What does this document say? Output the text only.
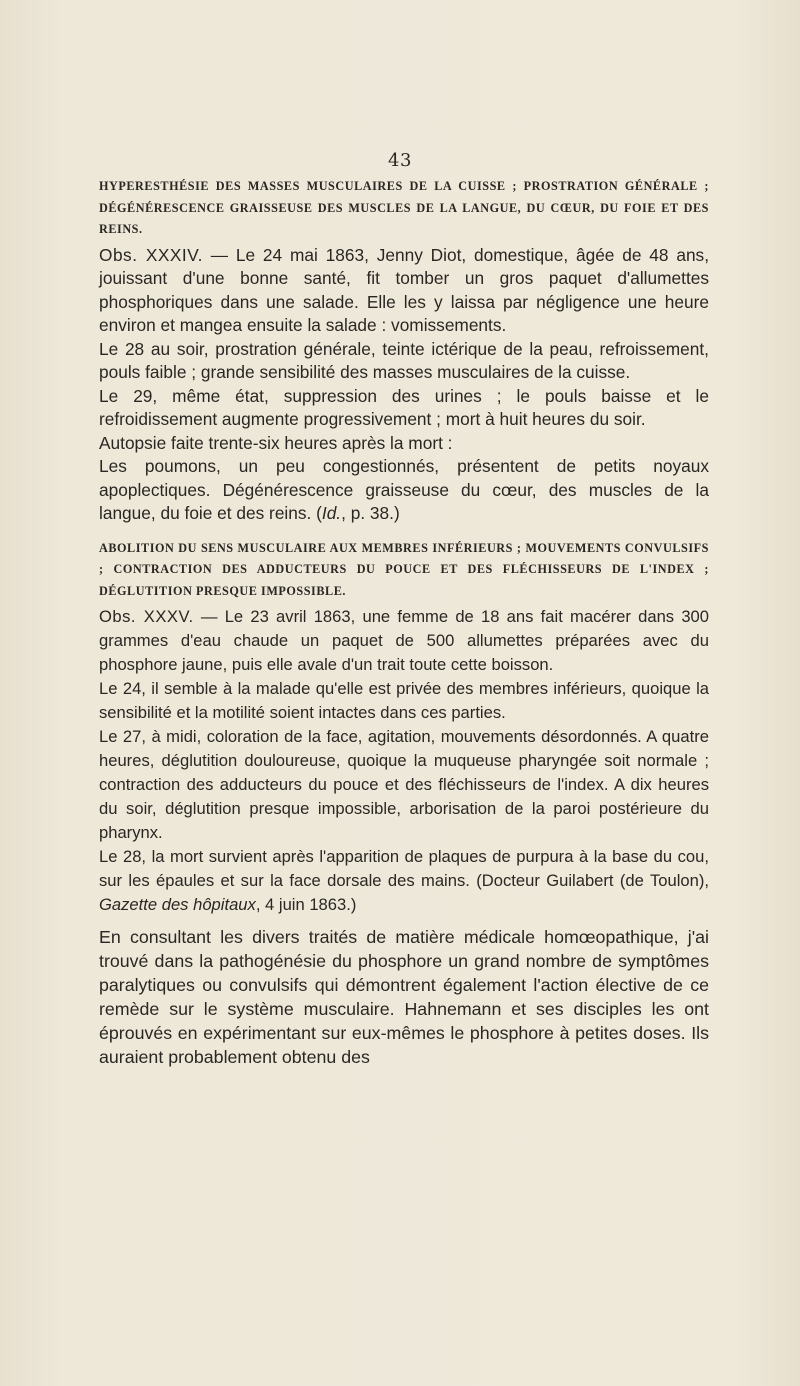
43
HYPERESTHÉSIE DES MASSES MUSCULAIRES DE LA CUISSE ; PROSTRATION GÉNÉRALE ; DÉGÉNÉRESCENCE GRAISSEUSE DES MUSCLES DE LA LANGUE, DU CŒUR, DU FOIE ET DES REINS.

Obs. XXXIV. — Le 24 mai 1863, Jenny Diot, domestique, âgée de 48 ans, jouissant d'une bonne santé, fit tomber un gros paquet d'allumettes phosphoriques dans une salade. Elle les y laissa par négligence une heure environ et mangea ensuite la salade : vomissements.

Le 28 au soir, prostration générale, teinte ictérique de la peau, refroissement, pouls faible ; grande sensibilité des masses musculaires de la cuisse.

Le 29, même état, suppression des urines ; le pouls baisse et le refroidissement augmente progressivement ; mort à huit heures du soir.

Autopsie faite trente-six heures après la mort :

Les poumons, un peu congestionnés, présentent de petits noyaux apoplectiques. Dégénérescence graisseuse du cœur, des muscles de la langue, du foie et des reins. (Id., p. 38.)

ABOLITION DU SENS MUSCULAIRE AUX MEMBRES INFÉRIEURS ; MOUVEMENTS CONVULSIFS ; CONTRACTION DES ADDUCTEURS DU POUCE ET DES FLÉCHISSEURS DE L'INDEX ; DÉGLUTITION PRESQUE IMPOSSIBLE.

Obs. XXXV. — Le 23 avril 1863, une femme de 18 ans fait macérer dans 300 grammes d'eau chaude un paquet de 500 allumettes préparées avec du phosphore jaune, puis elle avale d'un trait toute cette boisson.

Le 24, il semble à la malade qu'elle est privée des membres inférieurs, quoique la sensibilité et la motilité soient intactes dans ces parties.

Le 27, à midi, coloration de la face, agitation, mouvements désordonnés. A quatre heures, déglutition douloureuse, quoique la muqueuse pharyngée soit normale ; contraction des adducteurs du pouce et des fléchisseurs de l'index. A dix heures du soir, déglutition presque impossible, arborisation de la paroi postérieure du pharynx.

Le 28, la mort survient après l'apparition de plaques de purpura à la base du cou, sur les épaules et sur la face dorsale des mains. (Docteur Guilabert (de Toulon), Gazette des hôpitaux, 4 juin 1863.)

En consultant les divers traités de matière médicale homœopathique, j'ai trouvé dans la pathogénésie du phosphore un grand nombre de symptômes paralytiques ou convulsifs qui démontrent également l'action élective de ce remède sur le système musculaire. Hahnemann et ses disciples les ont éprouvés en expérimentant sur eux-mêmes le phosphore à petites doses. Ils auraient probablement obtenu des
